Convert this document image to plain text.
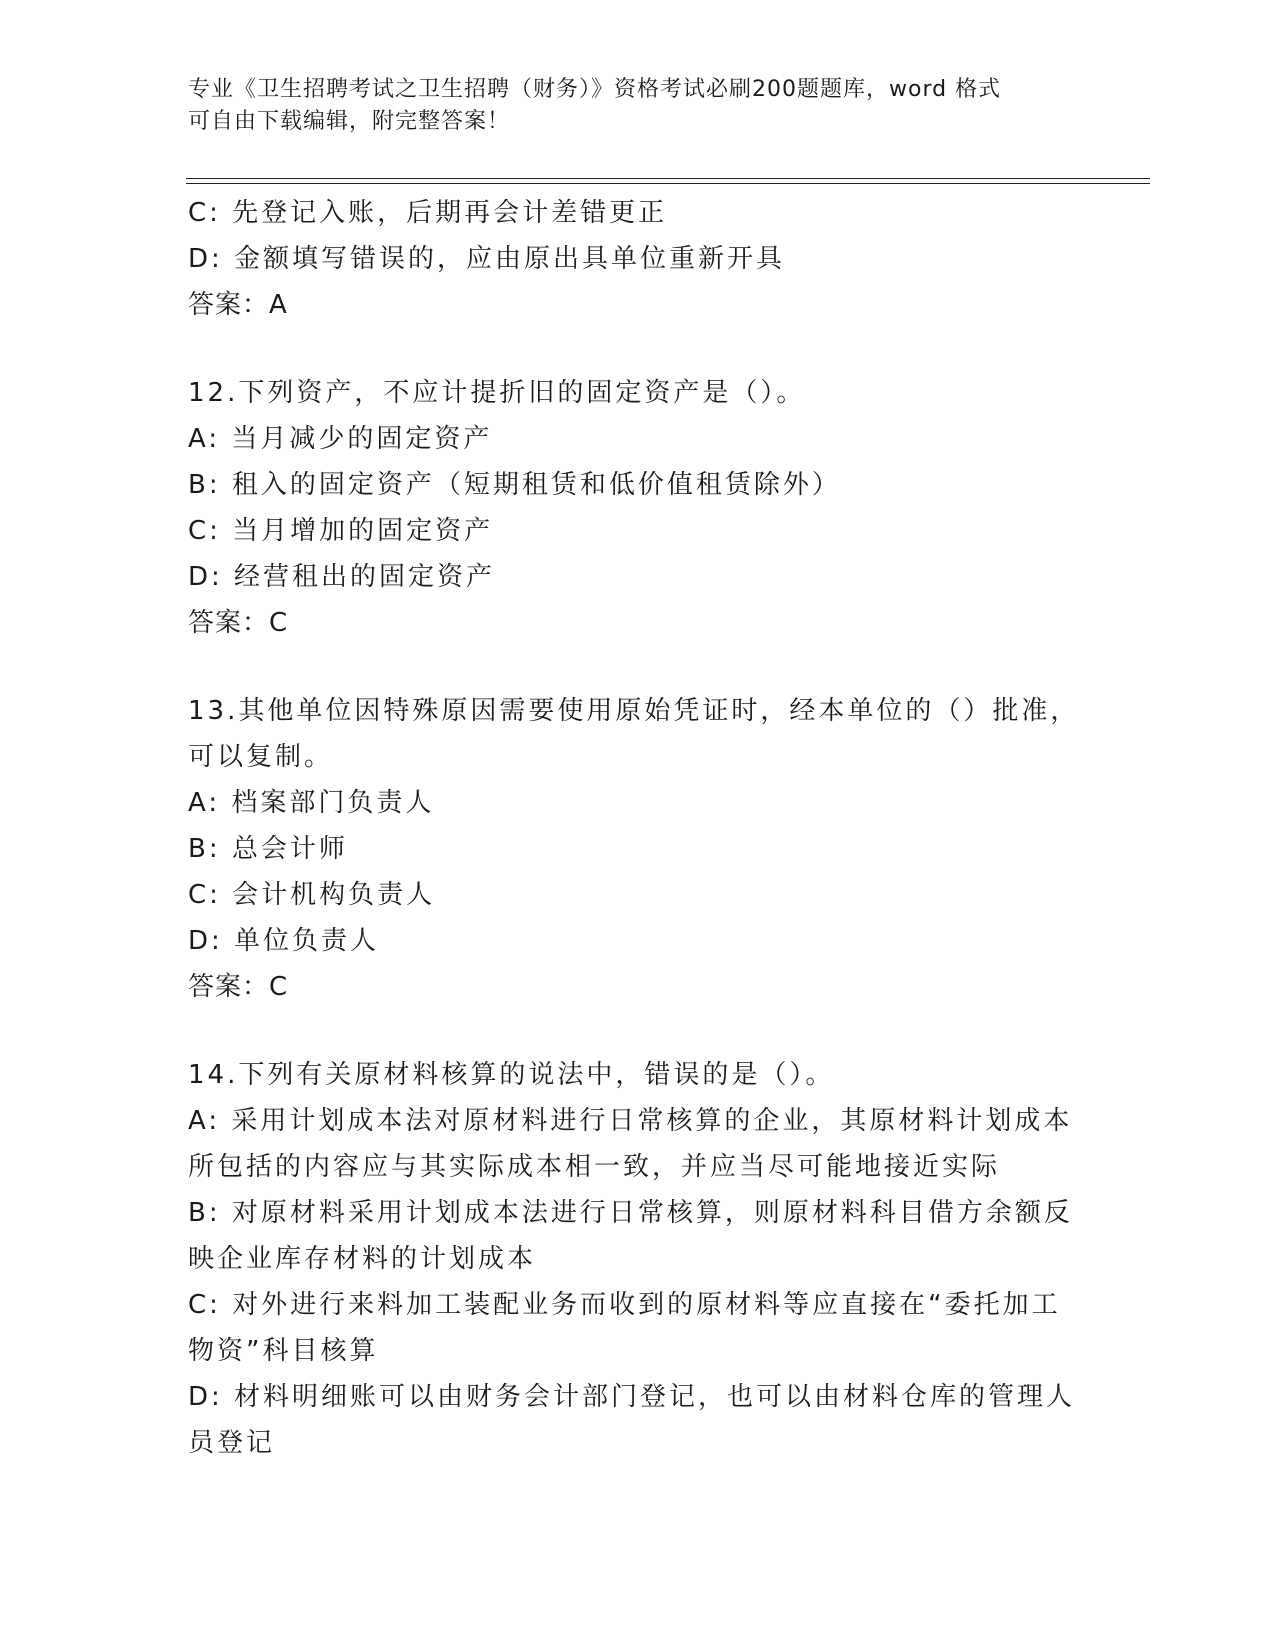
专业《卫生招聘考试之卫生招聘（财务）》资格考试必刷200题题库，word 格式
可自由下载编辑，附完整答案！
C: 先登记入账，后期再会计差错更正
D: 金额填写错误的，应由原出具单位重新开具
答案：A
12.下列资产，不应计提折旧的固定资产是（）。
A: 当月减少的固定资产
B: 租入的固定资产（短期租赁和低价值租赁除外）
C: 当月增加的固定资产
D: 经营租出的固定资产
答案：C
13.其他单位因特殊原因需要使用原始凭证时，经本单位的（）批准，
可以复制。
A: 档案部门负责人
B: 总会计师
C: 会计机构负责人
D: 单位负责人
答案：C
14.下列有关原材料核算的说法中，错误的是（）。
A: 采用计划成本法对原材料进行日常核算的企业，其原材料计划成本
所包括的内容应与其实际成本相一致，并应当尽可能地接近实际
B: 对原材料采用计划成本法进行日常核算，则原材料科目借方余额反
映企业库存材料的计划成本
C: 对外进行来料加工装配业务而收到的原材料等应直接在“委托加工
物资”科目核算
D: 材料明细账可以由财务会计部门登记，也可以由材料仓库的管理人
员登记
